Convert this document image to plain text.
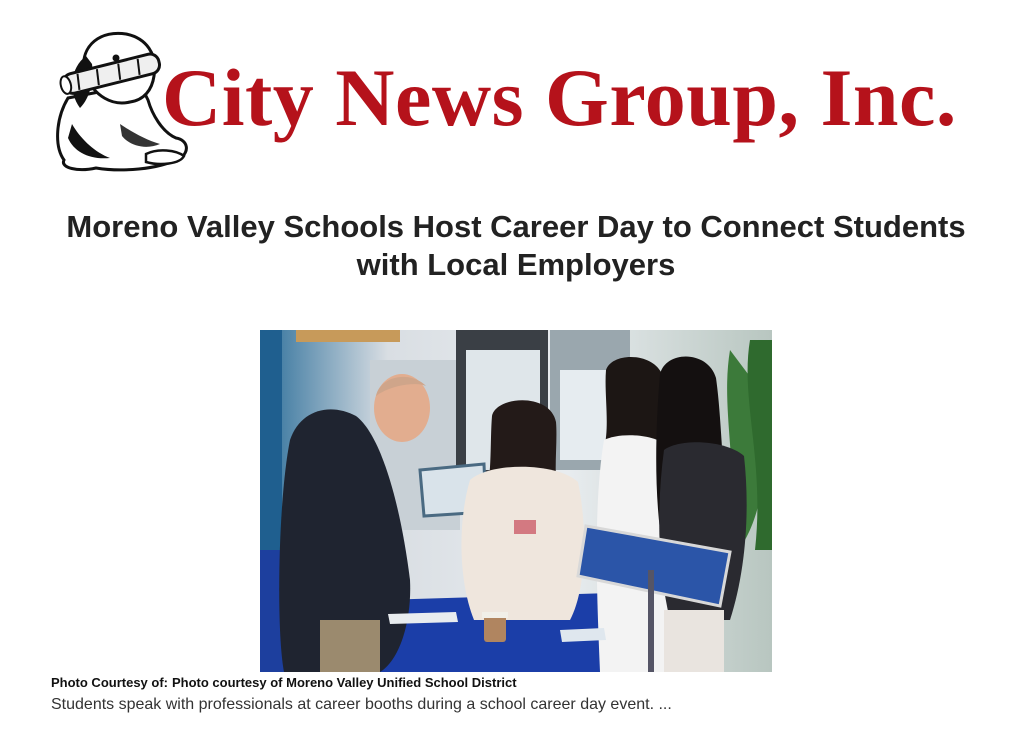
City News Group, Inc.
Moreno Valley Schools Host Career Day to Connect Students with Local Employers
Photo Courtesy of: Photo courtesy of Moreno Valley Unified School District

Students speak with professionals at career booths during a school career day event. ...
